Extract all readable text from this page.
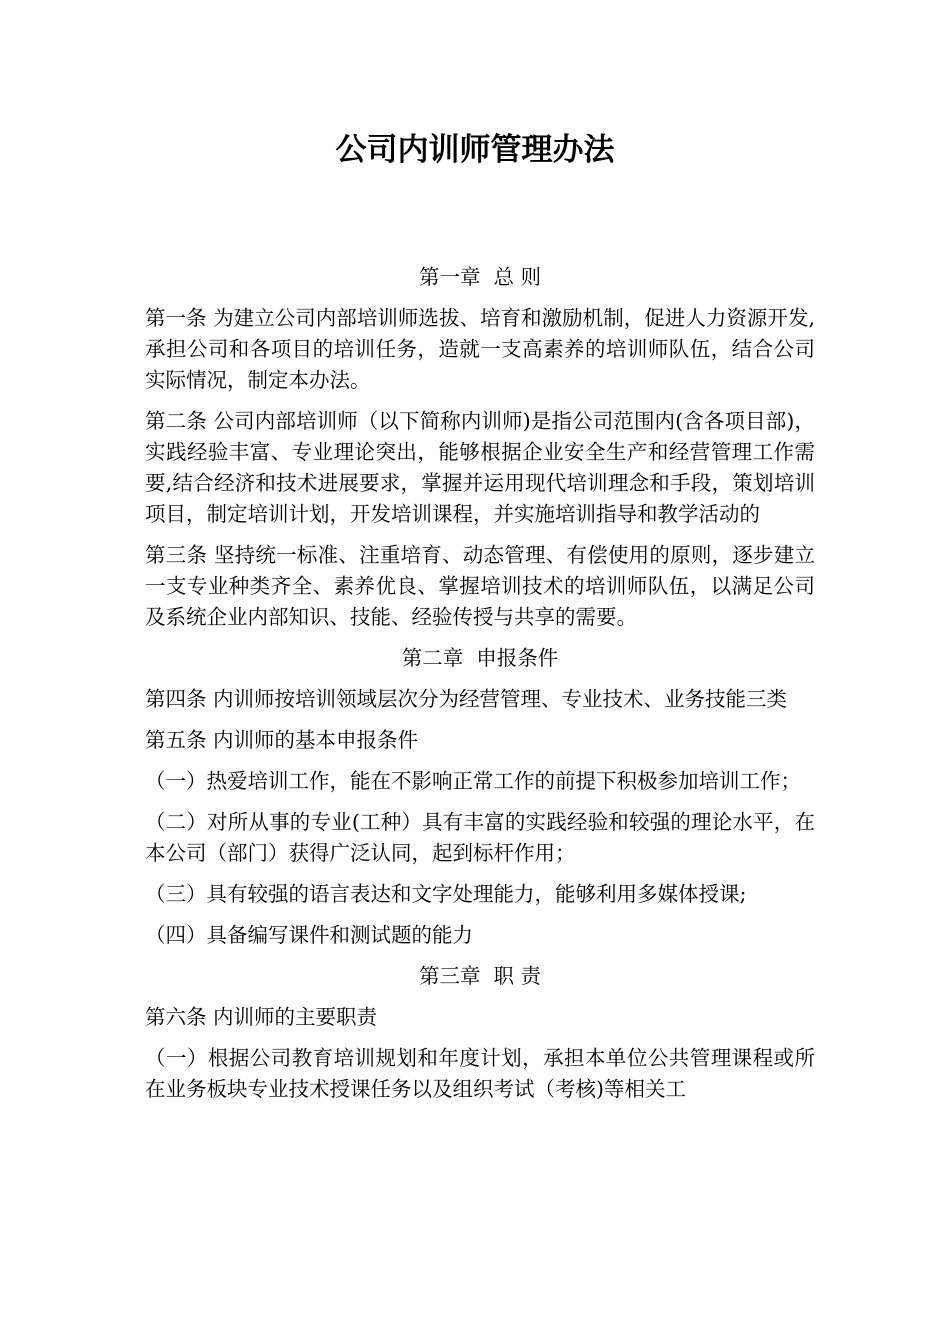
公司内训师管理办法
第一章  总 则

第一条 为建立公司内部培训师选拔、培育和激励机制，促进人力资源开发,承担公司和各项目的培训任务，造就一支高素养的培训师队伍，结合公司实际情况，制定本办法。

第二条 公司内部培训师（以下简称内训师)是指公司范围内(含各项目部)，实践经验丰富、专业理论突出，能够根据企业安全生产和经营管理工作需要,结合经济和技术进展要求，掌握并运用现代培训理念和手段，策划培训项目，制定培训计划，开发培训课程，并实施培训指导和教学活动的

第三条 坚持统一标准、注重培育、动态管理、有偿使用的原则，逐步建立一支专业种类齐全、素养优良、掌握培训技术的培训师队伍，以满足公司及系统企业内部知识、技能、经验传授与共享的需要。

第二章  申报条件

第四条 内训师按培训领域层次分为经营管理、专业技术、业务技能三类

第五条 内训师的基本申报条件

（一）热爱培训工作，能在不影响正常工作的前提下积极参加培训工作；

（二）对所从事的专业(工种）具有丰富的实践经验和较强的理论水平，在本公司（部门）获得广泛认同，起到标杆作用；

（三）具有较强的语言表达和文字处理能力，能够利用多媒体授课;

（四）具备编写课件和测试题的能力

第三章  职 责

第六条 内训师的主要职责

（一）根据公司教育培训规划和年度计划，承担本单位公共管理课程或所在业务板块专业技术授课任务以及组织考试（考核)等相关工
